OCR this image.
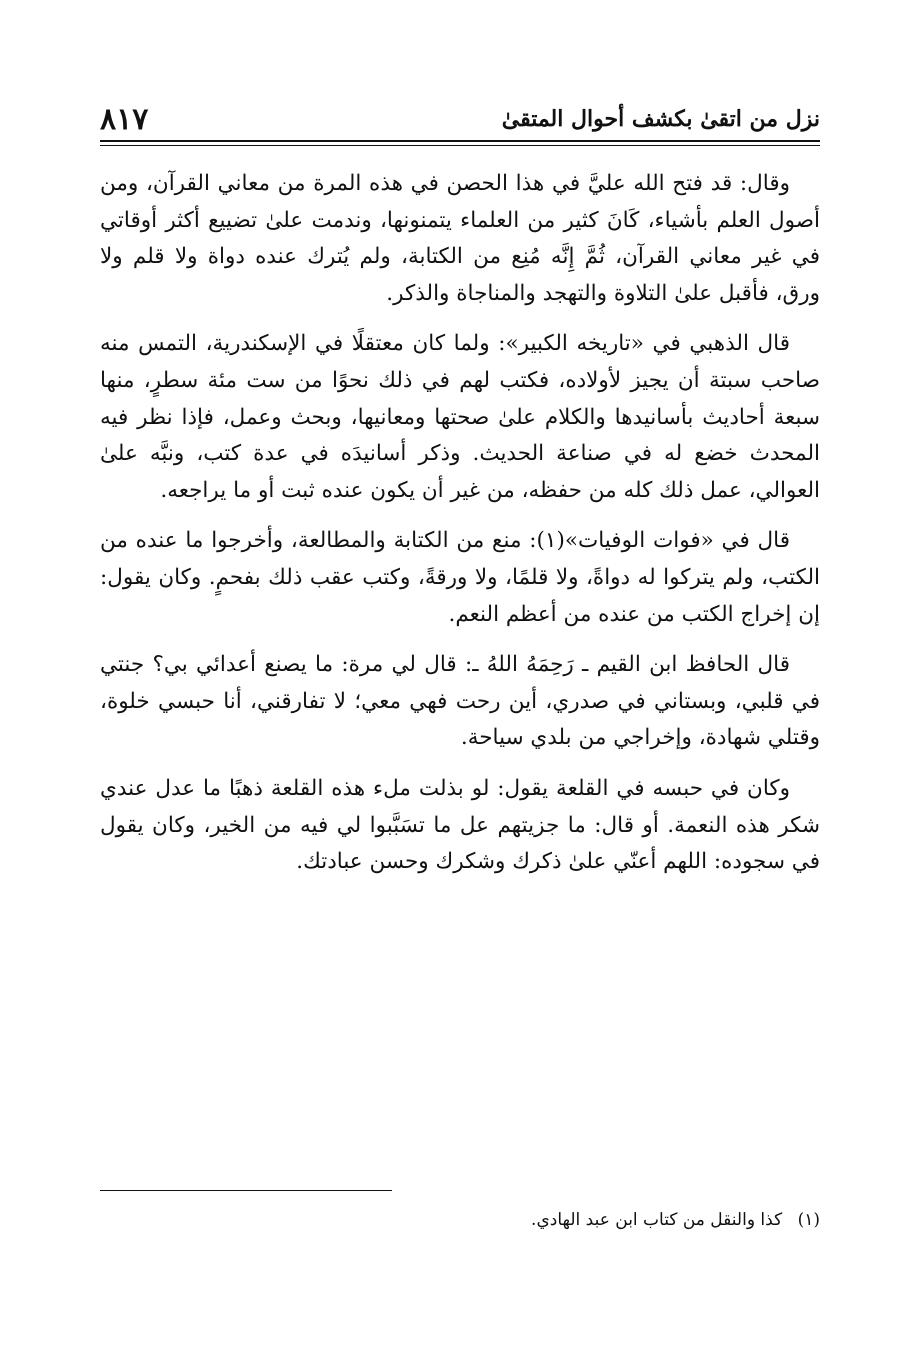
نزل من اتقىٰ بكشف أحوال المتقىٰ
٨١٧

وقال: قد فتح الله عليَّ في هذا الحصن في هذه المرة من معاني القرآن، ومن أصول العلم بأشياء، كَانَ كثير من العلماء يتمنونها، وندمت علىٰ تضييع أكثر أوقاتي في غير معاني القرآن، ثُمَّ إِنَّه مُنِع من الكتابة، ولم يُترك عنده دواة ولا قلم ولا ورق، فأقبل علىٰ التلاوة والتهجد والمناجاة والذكر.

قال الذهبي في «تاريخه الكبير»: ولما كان معتقلًا في الإسكندرية، التمس منه صاحب سبتة أن يجيز لأولاده، فكتب لهم في ذلك نحوًا من ست مئة سطرٍ، منها سبعة أحاديث بأسانيدها والكلام علىٰ صحتها ومعانيها، وبحث وعمل، فإذا نظر فيه المحدث خضع له في صناعة الحديث. وذكر أسانيدَه في عدة كتب، ونبَّه علىٰ العوالي، عمل ذلك كله من حفظه، من غير أن يكون عنده ثبت أو ما يراجعه.

قال في «فوات الوفيات»(١): منع من الكتابة والمطالعة، وأخرجوا ما عنده من الكتب، ولم يتركوا له دواةً، ولا قلمًا، ولا ورقةً، وكتب عقب ذلك بفحمٍ. وكان يقول: إن إخراج الكتب من عنده من أعظم النعم.

قال الحافظ ابن القيم ـ رَحِمَهُ اللهُ ـ: قال لي مرة: ما يصنع أعدائي بي؟ جنتي في قلبي، وبستاني في صدري، أين رحت فهي معي؛ لا تفارقني، أنا حبسي خلوة، وقتلي شهادة، وإخراجي من بلدي سياحة.

وكان في حبسه في القلعة يقول: لو بذلت ملء هذه القلعة ذهبًا ما عدل عندي شكر هذه النعمة. أو قال: ما جزيتهم عل ما تسَبَّبوا لي فيه من الخير، وكان يقول في سجوده: اللهم أعنّي علىٰ ذكرك وشكرك وحسن عبادتك.

(١) كذا والنقل من كتاب ابن عبد الهادي.
